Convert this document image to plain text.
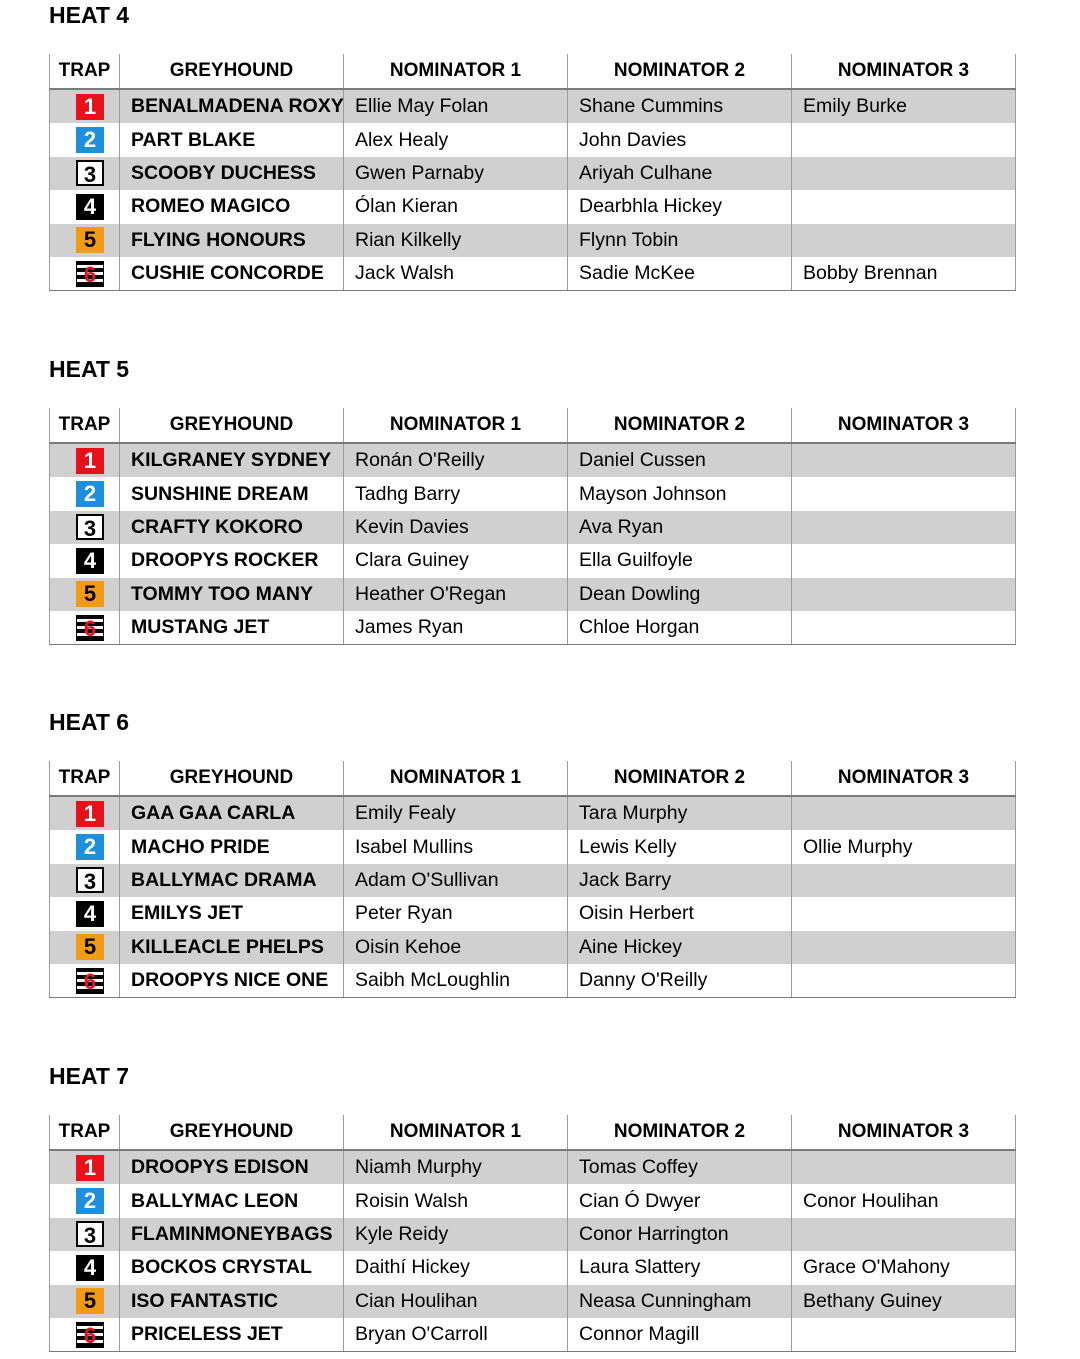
HEAT 4
TRAP	GREYHOUND	NOMINATOR 1	NOMINATOR 2	NOMINATOR 3
1	BENALMADENA ROXY	Ellie May Folan	Shane Cummins	Emily Burke
2	PART BLAKE	Alex Healy	John Davies	
3	SCOOBY DUCHESS	Gwen Parnaby	Ariyah Culhane	
4	ROMEO MAGICO	Ólan Kieran	Dearbhla Hickey	
5	FLYING HONOURS	Rian Kilkelly	Flynn Tobin	
6	CUSHIE CONCORDE	Jack Walsh	Sadie McKee	Bobby Brennan
HEAT 5
TRAP	GREYHOUND	NOMINATOR 1	NOMINATOR 2	NOMINATOR 3
1	KILGRANEY SYDNEY	Ronán O'Reilly	Daniel Cussen	
2	SUNSHINE DREAM	Tadhg Barry	Mayson Johnson	
3	CRAFTY KOKORO	Kevin Davies	Ava Ryan	
4	DROOPYS ROCKER	Clara Guiney	Ella Guilfoyle	
5	TOMMY TOO MANY	Heather O'Regan	Dean Dowling	
6	MUSTANG JET	James Ryan	Chloe Horgan	
HEAT 6
TRAP	GREYHOUND	NOMINATOR 1	NOMINATOR 2	NOMINATOR 3
1	GAA GAA CARLA	Emily Fealy	Tara Murphy	
2	MACHO PRIDE	Isabel Mullins	Lewis Kelly	Ollie Murphy
3	BALLYMAC DRAMA	Adam O'Sullivan	Jack Barry	
4	EMILYS JET	Peter Ryan	Oisin Herbert	
5	KILLEACLE PHELPS	Oisin Kehoe	Aine Hickey	
6	DROOPYS NICE ONE	Saibh McLoughlin	Danny O'Reilly	
HEAT 7
TRAP	GREYHOUND	NOMINATOR 1	NOMINATOR 2	NOMINATOR 3
1	DROOPYS EDISON	Niamh Murphy	Tomas Coffey	
2	BALLYMAC LEON	Roisin Walsh	Cian Ó Dwyer	Conor Houlihan
3	FLAMINMONEYBAGS	Kyle Reidy	Conor Harrington	
4	BOCKOS CRYSTAL	Daithí Hickey	Laura Slattery	Grace O'Mahony
5	ISO FANTASTIC	Cian Houlihan	Neasa Cunningham	Bethany Guiney
6	PRICELESS JET	Bryan O'Carroll	Connor Magill	
